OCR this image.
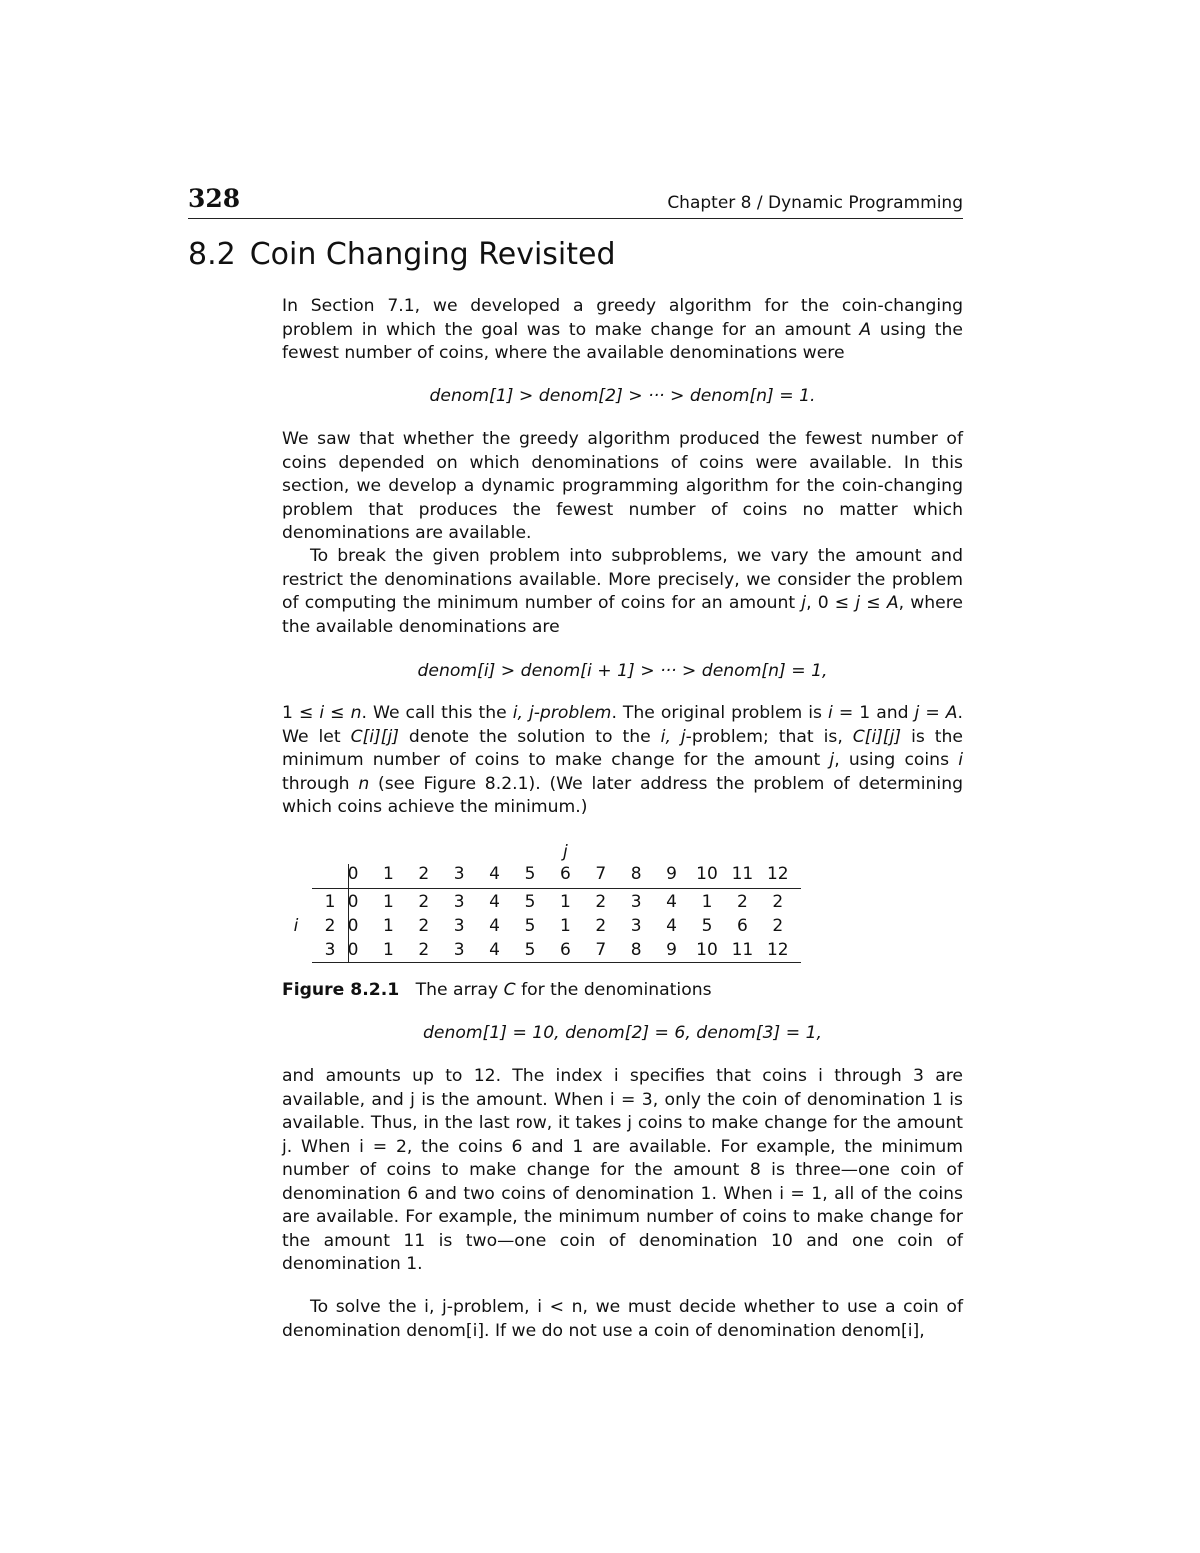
328	Chapter 8 / Dynamic Programming
8.2 Coin Changing Revisited

In Section 7.1, we developed a greedy algorithm for the coin-changing problem in which the goal was to make change for an amount A using the fewest number of coins, where the available denominations were

denom[1] > denom[2] > ··· > denom[n] = 1.

We saw that whether the greedy algorithm produced the fewest number of coins depended on which denominations of coins were available. In this section, we develop a dynamic programming algorithm for the coin-changing problem that produces the fewest number of coins no matter which denominations are available.

To break the given problem into subproblems, we vary the amount and restrict the denominations available. More precisely, we consider the problem of computing the minimum number of coins for an amount j, 0 ≤ j ≤ A, where the available denominations are

denom[i] > denom[i + 1] > ··· > denom[n] = 1,

1 ≤ i ≤ n. We call this the i, j-problem. The original problem is i = 1 and j = A. We let C[i][j] denote the solution to the i, j-problem; that is, C[i][j] is the minimum number of coins to make change for the amount j, using coins i through n (see Figure 8.2.1). (We later address the problem of determining which coins achieve the minimum.)

j
0	1	2	3	4	5	6	7	8	9	10 11 12
1 0	1	2	3	4	5	1	2	3	4	1	2	2
2 0	1	2	3	4	5	1	2	3	4	5	6	2
3 0	1	2	3	4	5	6	7	8	9	10 11 12
i
Figure 8.2.1 The array C for the denominations
denom[1] = 10, denom[2] = 6, denom[3] = 1,

and amounts up to 12. The index i specifies that coins i through 3 are available, and j is the amount. When i = 3, only the coin of denomination 1 is available. Thus, in the last row, it takes j coins to make change for the amount j. When i = 2, the coins 6 and 1 are available. For example, the minimum number of coins to make change for the amount 8 is three—one coin of denomination 6 and two coins of denomination 1. When i = 1, all of the coins are available. For example, the minimum number of coins to make change for the amount 11 is two—one coin of denomination 10 and one coin of denomination 1.

To solve the i, j-problem, i < n, we must decide whether to use a coin of denomination denom[i]. If we do not use a coin of denomination denom[i],
